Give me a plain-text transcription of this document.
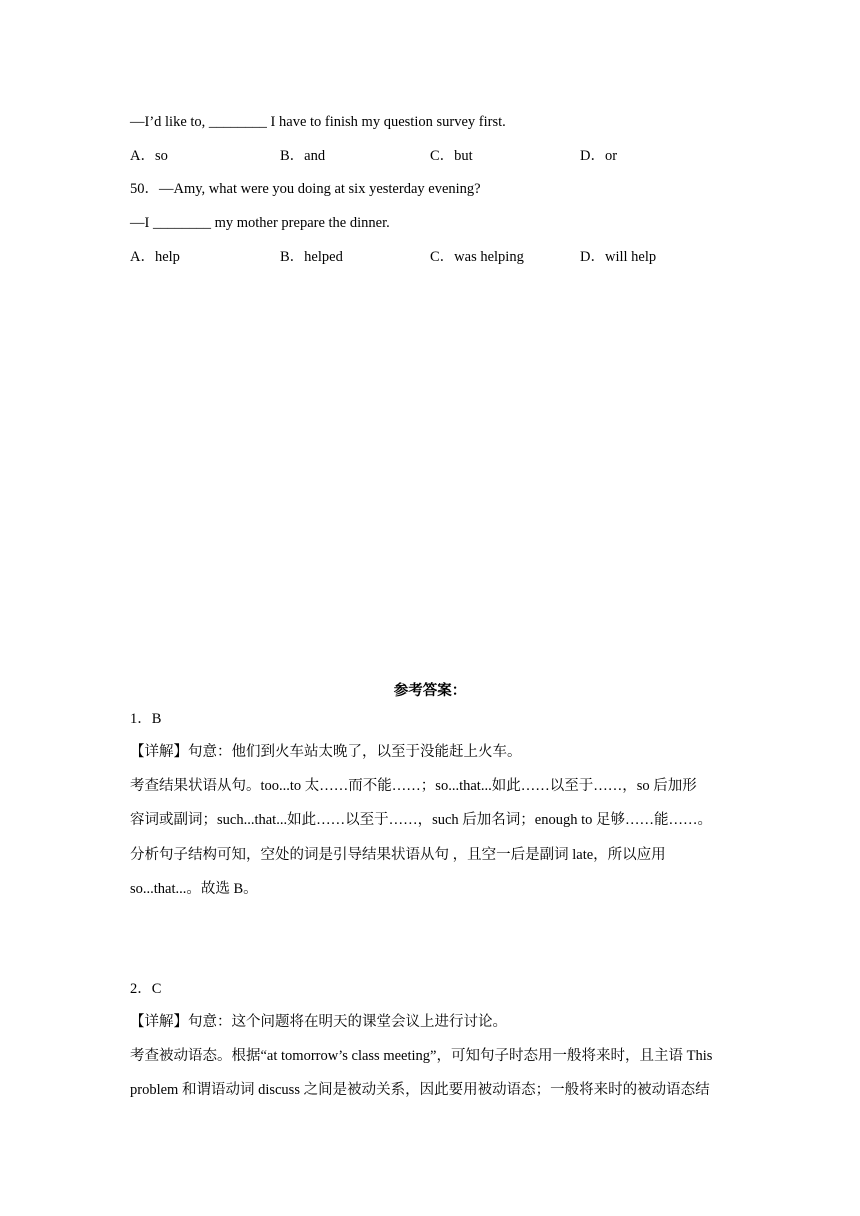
—I’d like to, ________ I have to finish my question survey first.
A．so	B．and	C．but	D．or
50．—Amy, what were you doing at six yesterday evening?
—I ________ my mother prepare the dinner.
A．help	B．helped	C．was helping	D．will help
参考答案：
1．B
【详解】句意：他们到火车站太晚了，以至于没能赶上火车。
考查结果状语从句。too...to 太……而不能……；so...that...如此……以至于……，so 后加形
容词或副词；such...that...如此……以至于……，such 后加名词；enough to 足够……能……。
分析句子结构可知，空处的词是引导结果状语从句 ，且空一后是副词 late，所以应用
so...that...。故选 B。
2．C
【详解】句意：这个问题将在明天的课堂会议上进行讨论。
考查被动语态。根据“at tomorrow’s class meeting”，可知句子时态用一般将来时，且主语 This
problem 和谓语动词 discuss 之间是被动关系，因此要用被动语态；一般将来时的被动语态结
